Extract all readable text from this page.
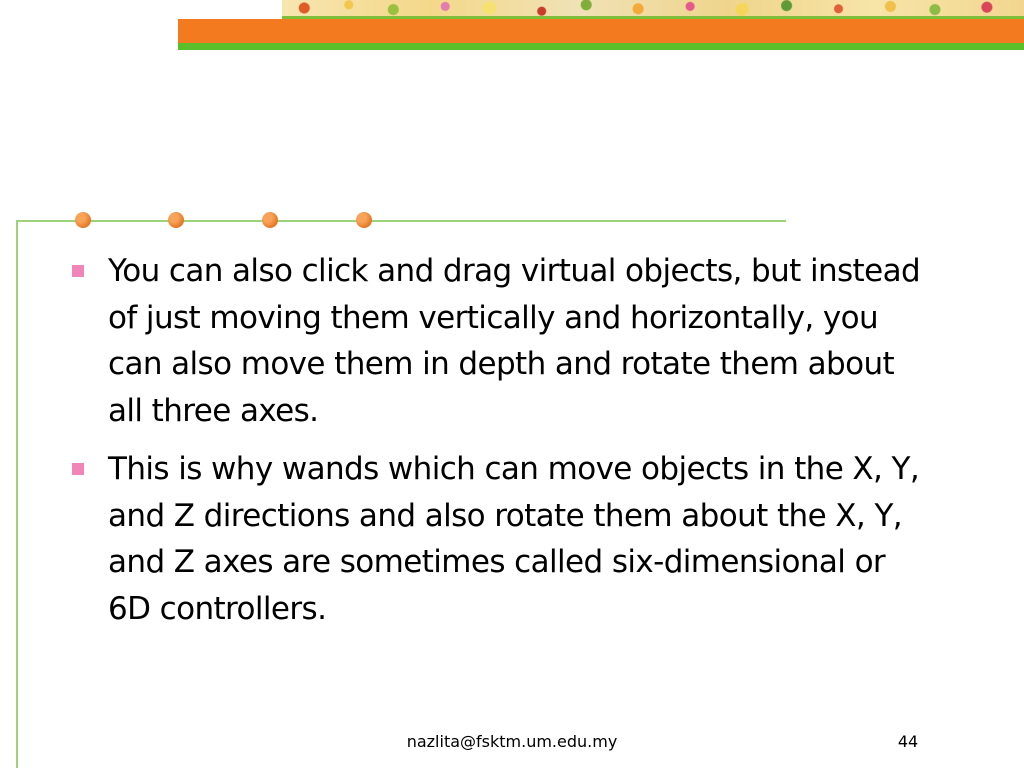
You can also click and drag virtual objects, but instead of just moving them vertically and horizontally, you can also move them in depth and rotate them about all three axes.
This is why wands which can move objects in the X, Y, and Z directions and also rotate them about the X, Y, and Z axes are sometimes called six-dimensional or 6D controllers.
nazlita@fsktm.um.edu.my	44
